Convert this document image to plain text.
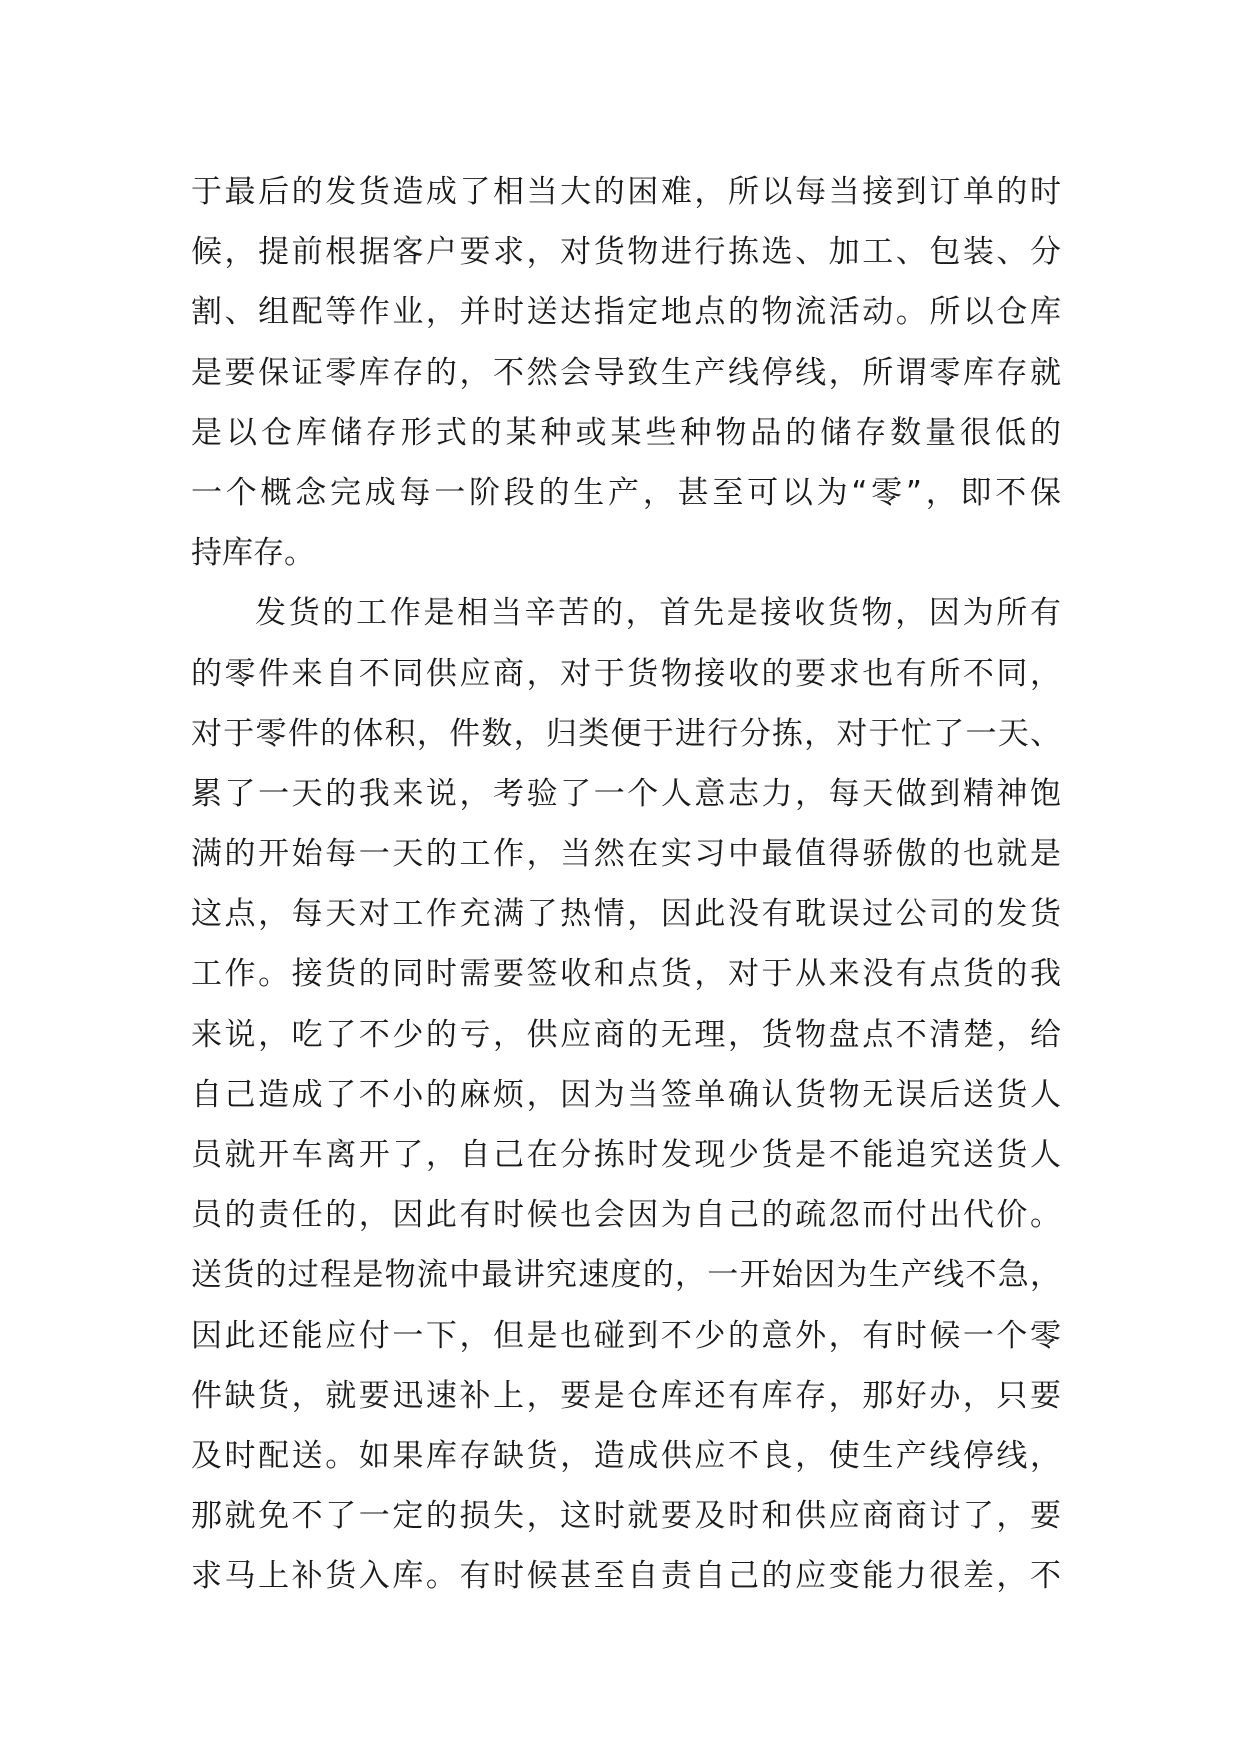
于最后的发货造成了相当大的困难，所以每当接到订单的时
候，提前根据客户要求，对货物进行拣选、加工、包装、分
割、组配等作业，并时送达指定地点的物流活动。所以仓库
是要保证零库存的，不然会导致生产线停线，所谓零库存就
是以仓库储存形式的某种或某些种物品的储存数量很低的
一个概念完成每一阶段的生产，甚至可以为“零”，即不保
持库存。
发货的工作是相当辛苦的，首先是接收货物，因为所有
的零件来自不同供应商，对于货物接收的要求也有所不同，
对于零件的体积，件数，归类便于进行分拣，对于忙了一天、
累了一天的我来说，考验了一个人意志力，每天做到精神饱
满的开始每一天的工作，当然在实习中最值得骄傲的也就是
这点，每天对工作充满了热情，因此没有耽误过公司的发货
工作。接货的同时需要签收和点货，对于从来没有点货的我
来说，吃了不少的亏，供应商的无理，货物盘点不清楚，给
自己造成了不小的麻烦，因为当签单确认货物无误后送货人
员就开车离开了，自己在分拣时发现少货是不能追究送货人
员的责任的，因此有时候也会因为自己的疏忽而付出代价。
送货的过程是物流中最讲究速度的，一开始因为生产线不急，
因此还能应付一下，但是也碰到不少的意外，有时候一个零
件缺货，就要迅速补上，要是仓库还有库存，那好办，只要
及时配送。如果库存缺货，造成供应不良，使生产线停线，
那就免不了一定的损失，这时就要及时和供应商商讨了，要
求马上补货入库。有时候甚至自责自己的应变能力很差，不
